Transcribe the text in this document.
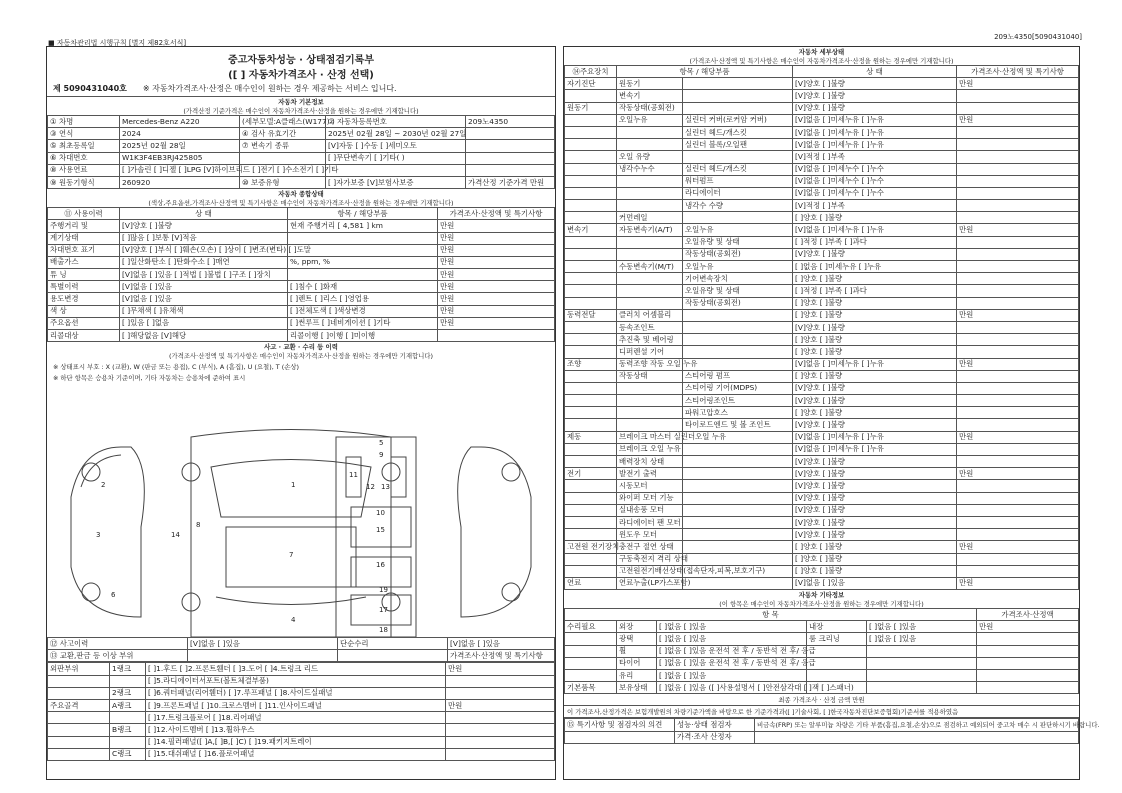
■ 자동차관리법 시행규칙 [별지 제82호서식]
209노4350[5090431040]
중고자동차성능 · 상태점검기록부
([ ] 자동차가격조사 · 산정 선택)
제 5090431040호 ※ 자동차가격조사·산정은 매수인이 원하는 경우 제공하는 서비스 입니다.
자동차 기본정보
(가격산정 기준가격은 매수인이 자동차가격조사·산정을 원하는 경우에만 기재합니다)
① 차명	Mercedes-Benz A220	(세부모델:A클래스(W177) )	② 자동차등록번호	209노4350
③ 연식	2024	④ 검사 유효기간	2025년 02월 28일 ~ 2030년 02월 27일	
⑤ 최초등록일	2025년 02월 28일	⑦ 변속기 종류	[V]자동 [ ]수동 [ ]세미오토	
⑥ 차대번호	W1K3F4EB3RJ425805		[ ]무단변속기 [ ]기타( )	
⑧ 사용연료	[ ]가솔린 [ ]디젤 [ ]LPG [V]하이브리드 [ ]전기 [ ]수소전기 [ ]기타			
⑨ 원동기형식	260920	⑩ 보증유형	[ ]자가보증 [V]보험사보증	가격산정 기준가격 만원
자동차 종합상태
(색상,주요옵션,가격조사·산정액 및 특기사항은 매수인이 자동차가격조사·산정을 원하는 경우에만 기재합니다)
⑪ 사용이력	상 태	항목 / 해당부품	가격조사·산정액 및 특기사항
주행거리 및	[V]양호 [ ]불량	현재 주행거리 [ 4,581 ] km	만원
계기상태	[ ]많음 [ ]보통 [V]적음		만원
차대번호 표기	[V]양호 [ ]부식 [ ]훼손(오손) [ ]상이 [ ]변조(변타) [ ]도말		만원
배출가스	[ ]일산화탄소 [ ]탄화수소 [ ]매연	%, ppm, %	만원
튜 닝	[V]없음 [ ]있음 [ ]적법 [ ]불법 [ ]구조 [ ]장치		만원
특별이력	[V]없음 [ ]있음	[ ]침수 [ ]화재	만원
용도변경	[V]없음 [ ]있음	[ ]렌트 [ ]리스 [ ]영업용	만원
색 상	[ ]무채색 [ ]유채색	[ ]전체도색 [ ]색상변경	만원
주요옵션	[ ]있음 [ ]없음	[ ]썬루프 [ ]네비게이션 [ ]기타	만원
리콜대상	[ ]해당없음 [V]해당	리콜이행 [ ]이행 [ ]미이행	
사고 · 교환 · 수리 등 이력
(가격조사·산정액 및 특기사항은 매수인이 자동차가격조사·산정을 원하는 경우에만 기재합니다)
※ 상태표시 부호 : X (교환), W (판금 또는 용접), C (부식), A (흠집), U (요철), T (손상)
※ 하단 항목은 승용차 기준이며, 기타 자동차는 승용차에 준하여 표시
1
2
3
4
5
6
7
8
9
10
11
12 13
14
15
16
17
18
19
⑫ 사고이력	[V]없음 [ ]있음	단순수리	[V]없음 [ ]있음
⑬ 교환,판금 등 이상 부위			가격조사·산정액 및 특기사항
외판부위	1랭크	[ ]1.후드 [ ]2.프론트휀더 [ ]3.도어 [ ]4.트렁크 리드	만원
		[ ]5.라디에이터서포트(볼트체결부품)	
	2랭크	[ ]6.쿼터패널(리어휀더) [ ]7.루프패널 [ ]8.사이드실패널	
주요골격	A랭크	[ ]9.프론트패널 [ ]10.크로스멤버 [ ]11.인사이드패널	만원
		[ ]17.트렁크플로어 [ ]18.리어패널	
	B랭크	[ ]12.사이드멤버 [ ]13.휠하우스	
		[ ]14.필러패널([ ]A,[ ]B,[ ]C) [ ]19.패키지트레이	
	C랭크	[ ]15.대쉬패널 [ ]16.플로어패널	
자동차 세부상태
(가격조사·산정액 및 특기사항은 매수인이 자동차가격조사·산정을 원하는 경우에만 기재합니다)
⑭주요장치	항목 / 해당부품		상 태	가격조사·산정액 및 특기사항
자기진단	원동기		[V]양호 [ ]불량	만원
	변속기		[V]양호 [ ]불량	
원동기	작동상태(공회전)		[V]양호 [ ]불량	
	오일누유	실린더 커버(로커암 커버)	[V]없음 [ ]미세누유 [ ]누유	만원
		실린더 헤드/개스킷	[V]없음 [ ]미세누유 [ ]누유	
		실린더 블록/오일팬	[V]없음 [ ]미세누유 [ ]누유	
	오일 유량		[V]적정 [ ]부족	
	냉각수누수	실린더 헤드/개스킷	[V]없음 [ ]미세누수 [ ]누수	
		워터펌프	[V]없음 [ ]미세누수 [ ]누수	
		라디에이터	[V]없음 [ ]미세누수 [ ]누수	
		냉각수 수량	[V]적정 [ ]부족	
	커먼레일		[ ]양호 [ ]불량	
변속기	자동변속기(A/T)	오일누유	[V]없음 [ ]미세누유 [ ]누유	만원
		오일유량 및 상태	[ ]적정 [ ]부족 [ ]과다	
		작동상태(공회전)	[V]양호 [ ]불량	
	수동변속기(M/T)	오일누유	[ ]없음 [ ]미세누유 [ ]누유	
		기어변속장치	[ ]양호 [ ]불량	
		오일유량 및 상태	[ ]적정 [ ]부족 [ ]과다	
		작동상태(공회전)	[ ]양호 [ ]불량	
동력전달	클러치 어셈블리		[ ]양호 [ ]불량	만원
	등속조인트		[V]양호 [ ]불량	
	추진축 및 베어링		[ ]양호 [ ]불량	
	디퍼렌셜 기어		[ ]양호 [ ]불량	
조향	동력조향 작동 오일 누유		[V]없음 [ ]미세누유 [ ]누유	만원
	작동상태	스티어링 펌프	[ ]양호 [ ]불량	
		스티어링 기어(MDPS)	[V]양호 [ ]불량	
		스티어링조인트	[V]양호 [ ]불량	
		파워고압호스	[ ]양호 [ ]불량	
		타이로드엔드 및 볼 조인트	[V]양호 [ ]불량	
제동	브레이크 마스터 실린더오일 누유		[V]없음 [ ]미세누유 [ ]누유	만원
	브레이크 오일 누유		[V]없음 [ ]미세누유 [ ]누유	
	배력장치 상태		[V]양호 [ ]불량	
전기	발전기 출력		[V]양호 [ ]불량	만원
	시동모터		[V]양호 [ ]불량	
	와이퍼 모터 기능		[V]양호 [ ]불량	
	실내송풍 모터		[V]양호 [ ]불량	
	라디에이터 팬 모터		[V]양호 [ ]불량	
	윈도우 모터		[V]양호 [ ]불량	
고전원 전기장치	충전구 절연 상태		[ ]양호 [ ]불량	만원
	구동축전지 격리 상태		[ ]양호 [ ]불량	
	고전원전기배선상태(접속단자,피복,보호기구)		[ ]양호 [ ]불량	
연료	연료누출(LP가스포함)		[V]없음 [ ]있음	만원
자동차 기타정보
(이 항목은 매수인이 자동차가격조사·산정을 원하는 경우에만 기재합니다)
항 목					가격조사·산정액
수리필요	외장	[ ]없음 [ ]있음	내장	[ ]없음 [ ]있음	만원
	광택	[ ]없음 [ ]있음	룸 크리닝	[ ]없음 [ ]있음	
	휠	[ ]없음 [ ]있음 운전석 전 후 / 동반석 전 후/ 응급			
	타이어	[ ]없음 [ ]있음 운전석 전 후 / 동반석 전 후/ 응급			
	유리	[ ]없음 [ ]있음			
기본품목	보유상태	[ ]없음 [ ]있음 ([ ]사용설명서 [ ]안전삼각대 [ ]잭 [ ]스패너)			
최종 가격조사 · 산정 금액 만원
이 가격조사,산정가격은 보험개발원의 차량기준가액을 바탕으로 한 기준가격과([ ]기술사회, [ ]한국자동차진단보증협회)기준서를 적용하였음
⑮ 특기사항 및 점검자의 의견	성능·상태 점검자	비금속(FRP) 또는 알루미늄 차량은 기타 부품(흠집,요철,손상)으로 점검하고 예외되어 중고차 매수 시 판단하시기 바랍니다.
	가격·조사 산정자	
